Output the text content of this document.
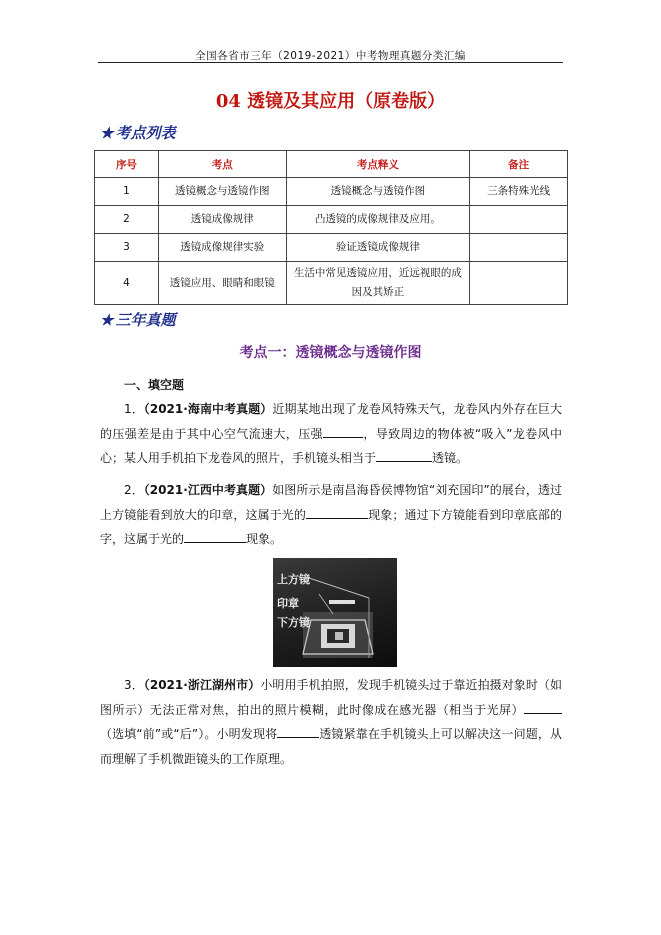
全国各省市三年（2019-2021）中考物理真题分类汇编
04 透镜及其应用（原卷版）
★ 考点列表
序号	考点	考点释义	备注
1	透镜概念与透镜作图	透镜概念与透镜作图	三条特殊光线
2	透镜成像规律	凸透镜的成像规律及应用。	
3	透镜成像规律实验	验证透镜成像规律	
4	透镜应用、眼睛和眼镜	生活中常见透镜应用，近远视眼的成因及其矫正	
★ 三年真题
考点一：透镜概念与透镜作图
一、填空题
1．（2021·海南中考真题）近期某地出现了龙卷风特殊天气，龙卷风内外存在巨大的压强差是由于其中心空气流速大，压强	，导致周边的物体被“吸入”龙卷风中心；某人用手机拍下龙卷风的照片，手机镜头相当于	透镜。
2．（2021·江西中考真题）如图所示是南昌海昏侯博物馆“刘充国印”的展台，透过上方镜能看到放大的印章，这属于光的	现象；通过下方镜能看到印章底部的字，这属于光的	现象。
上方镜
印章
下方镜
3．（2021·浙江湖州市）小明用手机拍照，发现手机镜头过于靠近拍摄对象时（如图所示）无法正常对焦，拍出的照片模糊，此时像成在感光器（相当于光屏）（选填“前”或“后”）。小明发现将	透镜紧靠在手机镜头上可以解决这一问题，从而理解了手机微距镜头的工作原理。
